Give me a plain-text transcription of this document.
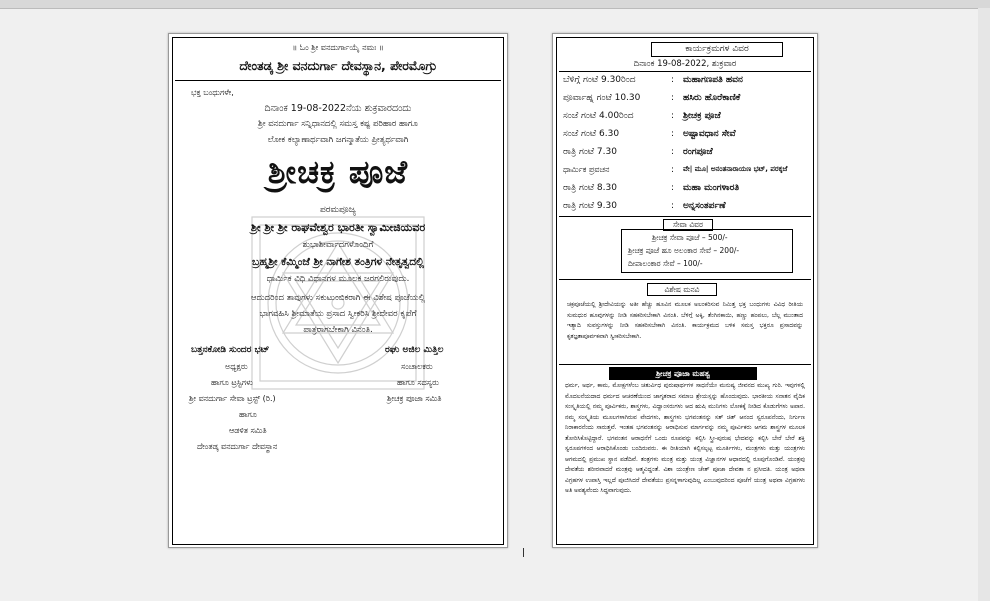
॥ ಓಂ ಶ್ರೀ ವನದುರ್ಗಾಯೈ ನಮಃ ॥
ದೇಂತಡ್ಕ ಶ್ರೀ ವನದುರ್ಗಾ ದೇವಸ್ಥಾನ, ಪೇರಮೊಗ್ರು
ಭಕ್ತ ಬಂಧುಗಳೇ,
ದಿನಾಂಕ 19-08-2022ನೆಯ ಶುಕ್ರವಾರದಂದು
ಶ್ರೀ ವನದುರ್ಗಾ ಸನ್ನಿಧಾನದಲ್ಲಿ ಸಮಸ್ತ ಕಷ್ಟ ಪರಿಹಾರ ಹಾಗೂ
ಲೋಕ ಕಲ್ಯಾಣಾರ್ಥವಾಗಿ ಜಗನ್ಮಾತೆಯ ಪ್ರೀತ್ಯರ್ಥವಾಗಿ
ಶ್ರೀಚಕ್ರ ಪೂಜೆ
ಪರಮಪೂಜ್ಯ
ಶ್ರೀ ಶ್ರೀ ಶ್ರೀ ರಾಘವೇಶ್ವರ ಭಾರತೀ ಸ್ವಾಮೀಜಿಯವರ
ಶುಭಾಶೀರ್ವಾದಗಳೊಂದಿಗೆ
ಬ್ರಹ್ಮಶ್ರೀ ಕೆಮ್ಮಿಂಜೆ ಶ್ರೀ ನಾಗೇಶ ತಂತ್ರಿಗಳ ನೇತೃತ್ವದಲ್ಲಿ
ಧಾರ್ಮಿಕ ವಿಧಿ ವಿಧಾನಗಳ ಮೂಲಕ ಜರಗಲಿರುವುದು.
ಆದುದರಿಂದ ತಾವುಗಳು ಸಕುಟುಂಬಿಕರಾಗಿ ಈ ವಿಶೇಷ ಪೂಜೆಯಲ್ಲಿ
ಭಾಗವಹಿಸಿ ಶ್ರೀಮಾತೆಯ ಪ್ರಸಾದ ಸ್ವೀಕರಿಸಿ ಶ್ರೀದೇವರ ಕೃಪೆಗೆ
ಪಾತ್ರರಾಗಬೇಕಾಗಿ ವಿನಂತಿ.
ಬತ್ತನಕೋಡಿ ಸುಂದರ ಭಟ್
ಅಧ್ಯಕ್ಷರು
ಹಾಗೂ ಟ್ರಸ್ಟಿಗಳು
ಶ್ರೀ ವನದುರ್ಗಾ ಸೇವಾ ಟ್ರಸ್ಟ್ (ರಿ.)
ರಘು ಅಜಿಲ ಮಿತ್ತಿಲ
ಸಂಚಾಲಕರು
ಹಾಗೂ ಸದಸ್ಯರು
ಶ್ರೀಚಕ್ರ ಪೂಜಾ ಸಮಿತಿ
ಹಾಗೂ
ಆಡಳಿತ ಸಮಿತಿ
ದೇಂತಡ್ಕ ವನದುರ್ಗಾ ದೇವಸ್ಥಾನ
ಕಾರ್ಯಕ್ರಮಗಳ ವಿವರ
ದಿನಾಂಕ 19-08-2022, ಶುಕ್ರವಾರ
ಬೆಳಿಗ್ಗೆ ಗಂಟೆ 9.30ರಿಂದ	: ಮಹಾಗಣಪತಿ ಹವನ
ಪೂರ್ವಾಹ್ನ ಗಂಟೆ 10.30	: ಹಸಿರು ಹೊರೆಕಾಣಿಕೆ
ಸಂಜೆ ಗಂಟೆ 4.00ರಿಂದ	: ಶ್ರೀಚಕ್ರ ಪೂಜೆ
ಸಂಜೆ ಗಂಟೆ 6.30	: ಅಷ್ಟಾವಧಾನ ಸೇವೆ
ರಾತ್ರಿ ಗಂಟೆ 7.30	: ರಂಗಪೂಜೆ
ಧಾರ್ಮಿಕ ಪ್ರವಚನ	: ವೇ| ಮೂ| ಅನಂತನಾರಾಯಣ ಭಟ್, ಪರಕ್ಕಜೆ
ರಾತ್ರಿ ಗಂಟೆ 8.30	: ಮಹಾ ಮಂಗಳಾರತಿ
ರಾತ್ರಿ ಗಂಟೆ 9.30	: ಅನ್ನಸಂತರ್ಪಣೆ
ಸೇವಾ ವಿವರ
ಶ್ರೀಚಕ್ರ ಸೇವಾ ಪೂಜೆ – 500/-
ಶ್ರೀಚಕ್ರ ಪೂಜೆ ಹೂ ಅಲಂಕಾರ ಸೇವೆ – 200/-
ದೀಪಾಲಂಕಾರ ಸೇವೆ – 100/-
ವಿಶೇಷ ಮನವಿ
ಚಕ್ರಪೂಜೆಯಲ್ಲಿ ಶ್ರೀದೇವಿಯನ್ನು ಅತೀ ಹೆಚ್ಚು ಹೂವಿನ ಮೂಲಕ ಅಲಂಕರಿಸುವ ನಿಮಿತ್ತ ಭಕ್ತ ಬಂಧುಗಳು ವಿವಿಧ ರೀತಿಯ ಸುಮಧುರ ಹೂವುಗಳನ್ನು ನೀಡಿ ಸಹಕರಿಸಬೇಕಾಗಿ ವಿನಂತಿ. ಬೆಳಿಗ್ಗೆ ಅಕ್ಕಿ, ತೆಂಗಿನಕಾಯಿ, ಹಣ್ಣು ಹಂಪಲು, ಬೆಲ್ಲ ಮುಂತಾದ ಇತ್ಯಾದಿ ಸುವಸ್ತುಗಳನ್ನು ನೀಡಿ ಸಹಕರಿಸಬೇಕಾಗಿ ವಿನಂತಿ. ಕಾರ್ಯಕ್ರಮದ ಬಳಿಕ ಸಮಸ್ತ ಭಕ್ತರೂ ಪ್ರಸಾದವನ್ನು ಕೃತಜ್ಞತಾಪೂರ್ವಕವಾಗಿ ಸ್ವೀಕರಿಸಬೇಕಾಗಿ.
ಶ್ರೀಚಕ್ರ ಪೂಜಾ ಮಹತ್ವ
ಧರ್ಮ, ಅರ್ಥ, ಕಾಮ, ಮೋಕ್ಷಗಳೆಂಬ ಚತುರ್ವಿಧ ಪುರುಷಾರ್ಥಗಳ ಸಾಧನೆಯೇ ಮನುಷ್ಯ ಜೀವನದ ಮುಖ್ಯ ಗುರಿ. ಇವುಗಳಲ್ಲಿ ಮೊದಲನೆಯದಾದ ಧರ್ಮದ ಆಚರಣೆಯಿಂದ ಜಾಗೃತರಾದ ಸಮಾಜ ಶ್ರೇಯಸ್ಸನ್ನು ಹೊಂದುವುದು. ಭಾರತೀಯ ಸನಾತನ ವೈದಿಕ ಸಂಸ್ಕೃತಿಯಲ್ಲಿ ನಮ್ಮ ಪೂರ್ವಿಕರು, ಶಾಸ್ತ್ರಗಳು, ವಿದ್ವಾಂಸರುಗಳು ಆದ ಋಷಿ ಮುನಿಗಳು ಲೋಕಕ್ಕೆ ನೀಡಿದ ಕೊಡುಗೆಗಳು ಅಪಾರ. ನಮ್ಮ ಸಂಸ್ಕೃತಿಯ ಮೂಲಗಳಾಗಿರುವ ವೇದಗಳು, ಶಾಸ್ತ್ರಗಳು ಭಗವಂತನನ್ನು ಸತ್ ಚಿತ್ ಆನಂದ ಸ್ವರೂಪನೆಂದು, ನಿರ್ಗುಣ ನಿರಾಕಾರನೆಂದು ಸಾರುತ್ತವೆ. ಇಂತಹ ಭಗವಂತನನ್ನು ಆರಾಧಿಸುವ ಮಾರ್ಗವನ್ನು ನಮ್ಮ ಪೂರ್ವಿಕರು ಆಗಮ ಶಾಸ್ತ್ರಗಳ ಮೂಲಕ ತೋರಿಸಿಕೊಟ್ಟಿದ್ದಾರೆ. ಭಗವಂತನ ಆರಾಧನೆಗೆ ಒಂದು ರೂಪವನ್ನು ಕಲ್ಪಿಸಿ ಸ್ತ್ರೀ-ಪುರುಷ ಭೇದವನ್ನು ಕಲ್ಪಿಸಿ ಬೇರೆ ಬೇರೆ ಶಕ್ತಿ ಸ್ವರೂಪಗಳಿಂದ ಆರಾಧಿಸಿಕೊಂಡು ಬಂದಿರುವರು. ಈ ರೀತಿಯಾಗಿ ಕಲ್ಪಿಸಲ್ಪಟ್ಟ ಮೂರ್ತಿಗಳು, ಮಂತ್ರಗಳು ಮತ್ತು ಯಂತ್ರಗಳು ಆಗಮದಲ್ಲಿ ಪ್ರಮುಖ ಸ್ಥಾನ ಪಡೆದಿವೆ. ತಂತ್ರಗಳು ಮಂತ್ರ ಮತ್ತು ಯಂತ್ರ ವಿಜ್ಞಾನಗಳ ಆಧಾರದಲ್ಲಿ ರೂಪುಗೊಂಡಿವೆ. ಯಂತ್ರವು ದೇವತೆಯ ಶರೀರವಾದರೆ ಮಂತ್ರವು ಆತ್ಮವಿದ್ದಂತೆ. ವಿಶಾ ಯಂತ್ರೇಣ ಚೇತ್ ಪೂಜಾ ದೇವತಾ ನ ಪ್ರಸೀದತಿ. ಯಂತ್ರ ಅಥವಾ ವಿಗ್ರಹಗಳ ಉಪಾಸ್ತಿ ಇಲ್ಲದೆ ಪೂಜಿಸಿದರೆ ದೇವತೆಯು ಪ್ರಸನ್ನಳಾಗುವುದಿಲ್ಲ ಎಂಬುವುದರಿಂದ ಪೂಜೆಗೆ ಯಂತ್ರ ಅಥವಾ ವಿಗ್ರಹಗಳು ಅತಿ ಅವಶ್ಯವೆಂದು ಸಿದ್ಧವಾಗುವುದು.
